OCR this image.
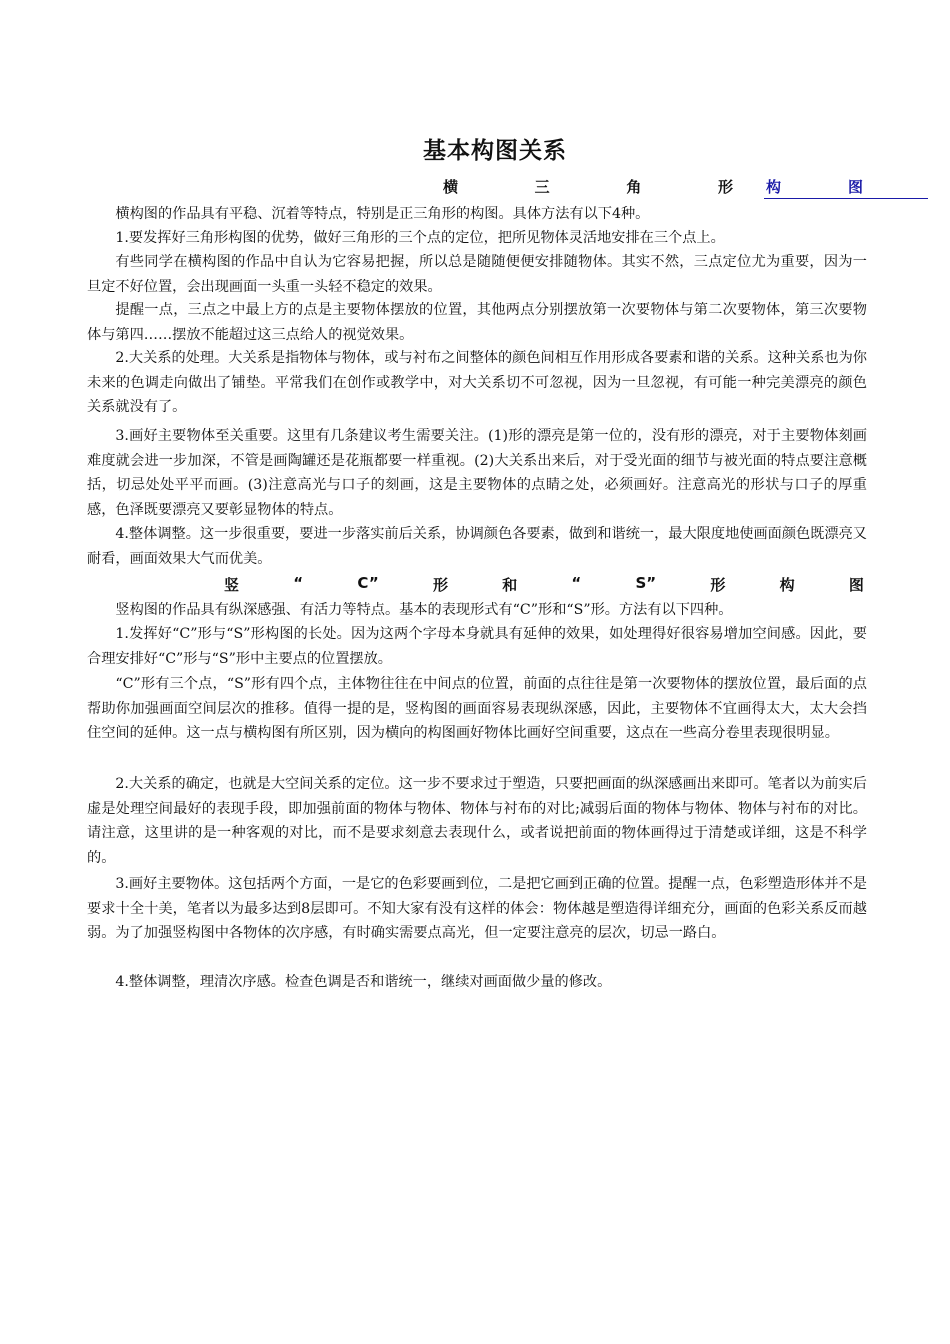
基本构图关系
横	三	角	形 构	图

横构图的作品具有平稳、沉着等特点，特别是正三角形的构图。具体方法有以下4种。

1.要发挥好三角形构图的优势，做好三角形的三个点的定位，把所见物体灵活地安排在三个点上。

有些同学在横构图的作品中自认为它容易把握，所以总是随随便便安排随物体。其实不然，三点定位尤为重要，因为一旦定不好位置，会出现画面一头重一头轻不稳定的效果。

提醒一点，三点之中最上方的点是主要物体摆放的位置，其他两点分别摆放第一次要物体与第二次要物体，第三次要物体与第四……摆放不能超过这三点给人的视觉效果。

2.大关系的处理。大关系是指物体与物体，或与衬布之间整体的颜色间相互作用形成各要素和谐的关系。这种关系也为你未来的色调走向做出了铺垫。平常我们在创作或教学中，对大关系切不可忽视，因为一旦忽视，有可能一种完美漂亮的颜色关系就没有了。

3.画好主要物体至关重要。这里有几条建议考生需要关注。(1)形的漂亮是第一位的，没有形的漂亮，对于主要物体刻画难度就会进一步加深，不管是画陶罐还是花瓶都要一样重视。(2)大关系出来后，对于受光面的细节与被光面的特点要注意概括，切忌处处平平而画。(3)注意高光与口子的刻画，这是主要物体的点睛之处，必须画好。注意高光的形状与口子的厚重感，色泽既要漂亮又要彰显物体的特点。

4.整体调整。这一步很重要，要进一步落实前后关系，协调颜色各要素，做到和谐统一，最大限度地使画面颜色既漂亮又耐看，画面效果大气而优美。

竖	“	C”	形	和	“	S”	形	构	图

竖构图的作品具有纵深感强、有活力等特点。基本的表现形式有“C”形和“S”形。方法有以下四种。

1.发挥好“C”形与“S”形构图的长处。因为这两个字母本身就具有延伸的效果，如处理得好很容易增加空间感。因此，要合理安排好“C”形与“S”形中主要点的位置摆放。

“C”形有三个点，“S”形有四个点，主体物往往在中间点的位置，前面的点往往是第一次要物体的摆放位置，最后面的点帮助你加强画面空间层次的推移。值得一提的是，竖构图的画面容易表现纵深感，因此，主要物体不宜画得太大，太大会挡住空间的延伸。这一点与横构图有所区别，因为横向的构图画好物体比画好空间重要，这点在一些高分卷里表现很明显。

2.大关系的确定，也就是大空间关系的定位。这一步不要求过于塑造，只要把画面的纵深感画出来即可。笔者以为前实后虚是处理空间最好的表现手段，即加强前面的物体与物体、物体与衬布的对比;减弱后面的物体与物体、物体与衬布的对比。请注意，这里讲的是一种客观的对比，而不是要求刻意去表现什么，或者说把前面的物体画得过于清楚或详细，这是不科学的。

3.画好主要物体。这包括两个方面，一是它的色彩要画到位，二是把它画到正确的位置。提醒一点，色彩塑造形体并不是要求十全十美，笔者以为最多达到8层即可。不知大家有没有这样的体会：物体越是塑造得详细充分，画面的色彩关系反而越弱。为了加强竖构图中各物体的次序感，有时确实需要点高光，但一定要注意亮的层次，切忌一路白。

4.整体调整，理清次序感。检查色调是否和谐统一，继续对画面做少量的修改。
